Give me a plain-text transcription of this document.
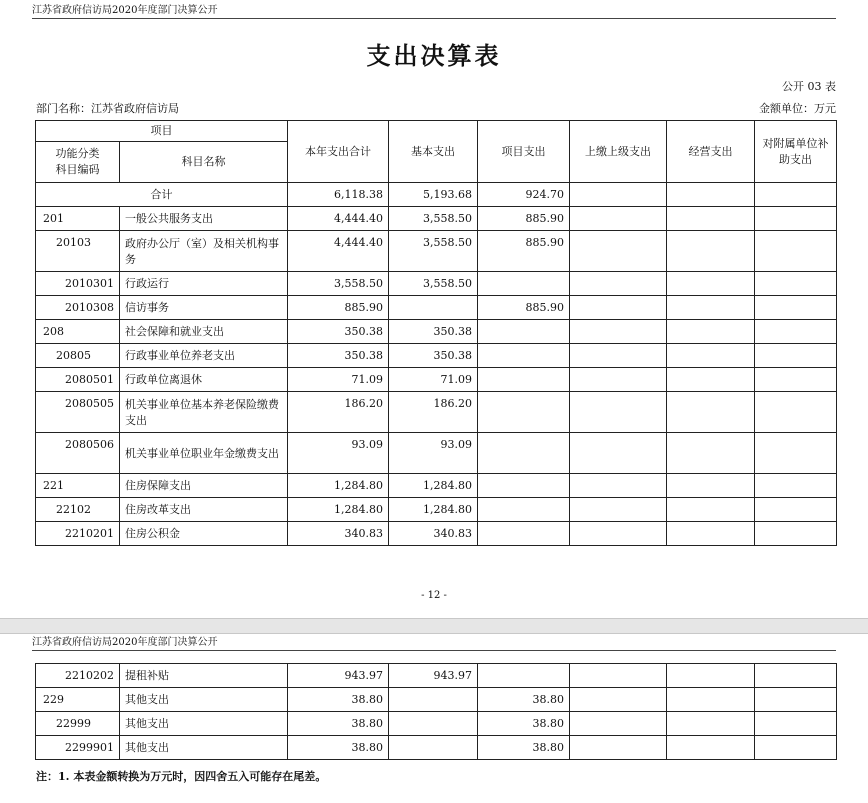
江苏省政府信访局2020年度部门决算公开
支出决算表
公开 03 表
部门名称：江苏省政府信访局	金额单位：万元
项目		本年支出合计	基本支出	项目支出	上缴上级支出	经营支出	对附属单位补
助支出
功能分类
科目编码	科目名称						
合计		6,118.38	5,193.68	924.70			
201	一般公共服务支出	4,444.40	3,558.50	885.90			
20103	政府办公厅（室）及相关机构事务	4,444.40	3,558.50	885.90			
2010301	行政运行	3,558.50	3,558.50				
2010308	信访事务	885.90		885.90			
208	社会保障和就业支出	350.38	350.38				
20805	行政事业单位养老支出	350.38	350.38				
2080501	行政单位离退休	71.09	71.09				
2080505	机关事业单位基本养老保险缴费支出	186.20	186.20				
2080506	机关事业单位职业年金缴费支出	93.09	93.09				
221	住房保障支出	1,284.80	1,284.80				
22102	住房改革支出	1,284.80	1,284.80				
2210201	住房公积金	340.83	340.83				
- 12 -
江苏省政府信访局2020年度部门决算公开
2210202	提租补贴	943.97	943.97				
229	其他支出	38.80		38.80			
22999	其他支出	38.80		38.80			
2299901	其他支出	38.80		38.80			
注：1. 本表金额转换为万元时，因四舍五入可能存在尾差。
